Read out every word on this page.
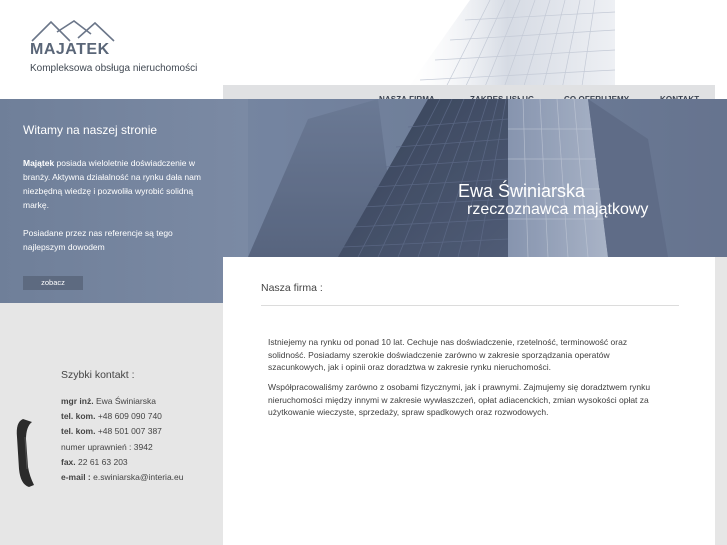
MAJATEK
Kompleksowa obsługa nieruchomości
Witamy na naszej stronie
Majątek posiada wieloletnie doświadczenie w branży. Aktywna działalność na rynku dała nam niezbędną wiedzę i pozwoliła wyrobić solidną markę.
Posiadane przez nas referencje są tego najlepszym dowodem
zobacz
Ewa Świniarska
rzeczoznawca majątkowy
Szybki kontakt :
mgr inż. Ewa Świniarska
tel. kom. +48 609 090 740
tel. kom. +48 501 007 387
numer uprawnień : 3942
fax. 22 61 63 203
e-mail : e.swiniarska@interia.eu
Nasza firma :
Istniejemy na rynku od ponad 10 lat. Cechuje nas doświadczenie, rzetelność, terminowość oraz solidność. Posiadamy szerokie doświadczenie zarówno w zakresie sporządzania operatów szacunkowych, jak i opinii oraz doradztwa w zakresie rynku nieruchomości.
Współpracowaliśmy zarówno z osobami fizycznymi, jak i prawnymi. Zajmujemy się doradztwem rynku nieruchomości między innymi w zakresie wywłaszczeń, opłat adiacenckich, zmian wysokości opłat za użytkowanie wieczyste, sprzedaży, spraw spadkowych oraz rozwodowych.
